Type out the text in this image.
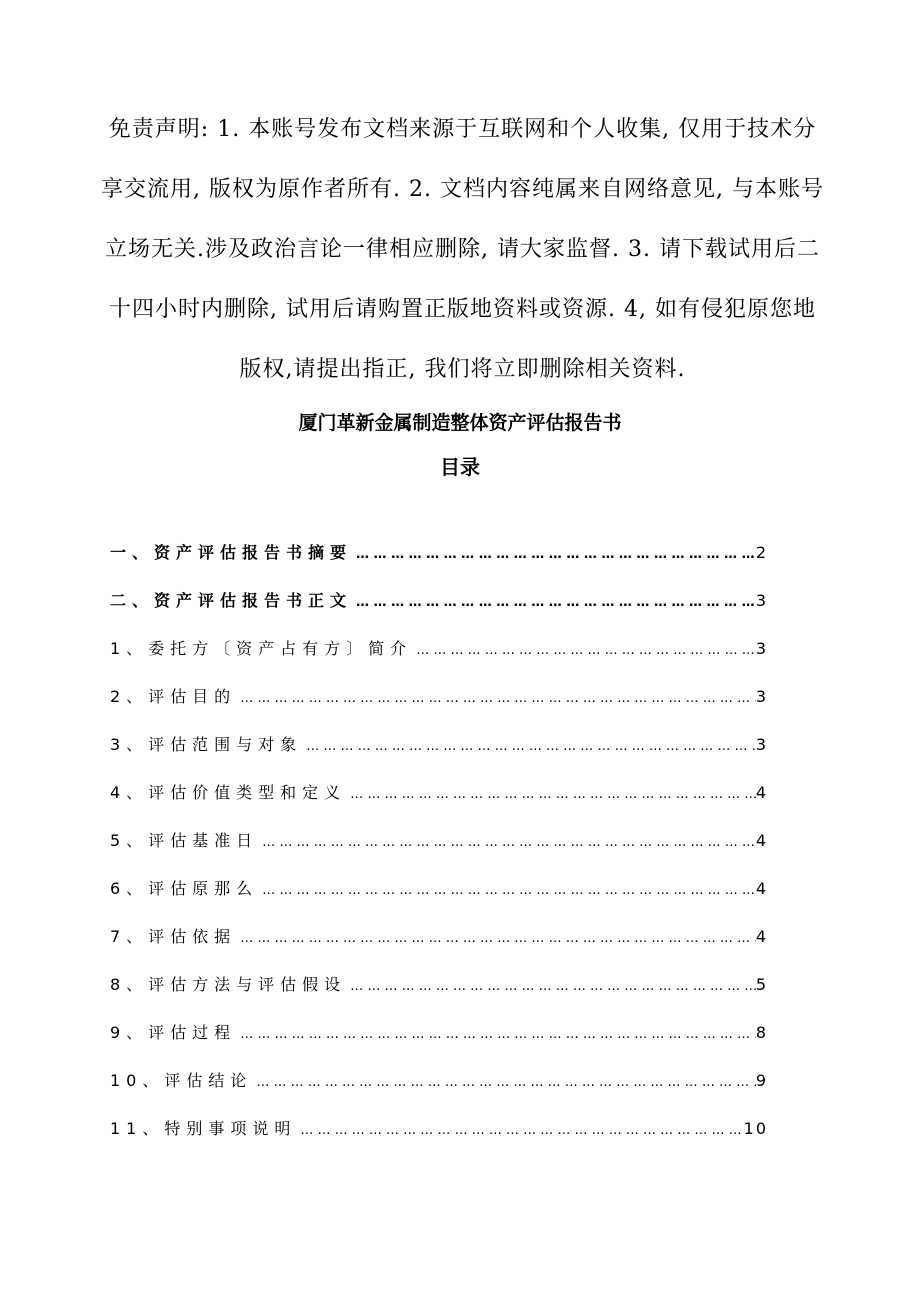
免责声明: 1. 本账号发布文档来源于互联网和个人收集, 仅用于技术分享交流用, 版权为原作者所有. 2. 文档内容纯属来自网络意见, 与本账号立场无关.涉及政治言论一律相应删除, 请大家监督. 3. 请下载试用后二十四小时内删除, 试用后请购置正版地资料或资源. 4, 如有侵犯原您地版权,请提出指正, 我们将立即删除相关资料.
厦门革新金属制造整体资产评估报告书
目录
一、资产评估报告书摘要 … … … … … … … … … … … … … … … … … … … … … … … … … … … … … … … … … … … … … … … …	2
二、资产评估报告书正文 … … … … … … … … … … … … … … … … … … … … … … … … … … … … … … … … … … … … … … … …	3
1、委托方〔资产占有方〕简介 … … … … … … … … … … … … … … … … … … … … … … … … … … … … … … … … … … … … … … … …	3
2、评估目的 … … … … … … … … … … … … … … … … … … … … … … … … … … … … … … … … … … … … … … … …	3
3、评估范围与对象 … … … … … … … … … … … … … … … … … … … … … … … … … … … … … … … … … … … … … … … …	3
4、评估价值类型和定义 … … … … … … … … … … … … … … … … … … … … … … … … … … … … … … … … … … … … … … … …	4
5、评估基准日 … … … … … … … … … … … … … … … … … … … … … … … … … … … … … … … … … … … … … … … …	4
6、评估原那么 … … … … … … … … … … … … … … … … … … … … … … … … … … … … … … … … … … … … … … … …	4
7、评估依据 … … … … … … … … … … … … … … … … … … … … … … … … … … … … … … … … … … … … … … … …	4
8、评估方法与评估假设 … … … … … … … … … … … … … … … … … … … … … … … … … … … … … … … … … … … … … … … …	5
9、评估过程 … … … … … … … … … … … … … … … … … … … … … … … … … … … … … … … … … … … … … … … …	8
10、评估结论 … … … … … … … … … … … … … … … … … … … … … … … … … … … … … … … … … … … … … … … …	9
11、特别事项说明 … … … … … … … … … … … … … … … … … … … … … … … … … … … … … … … … … … … … … … … …	10
